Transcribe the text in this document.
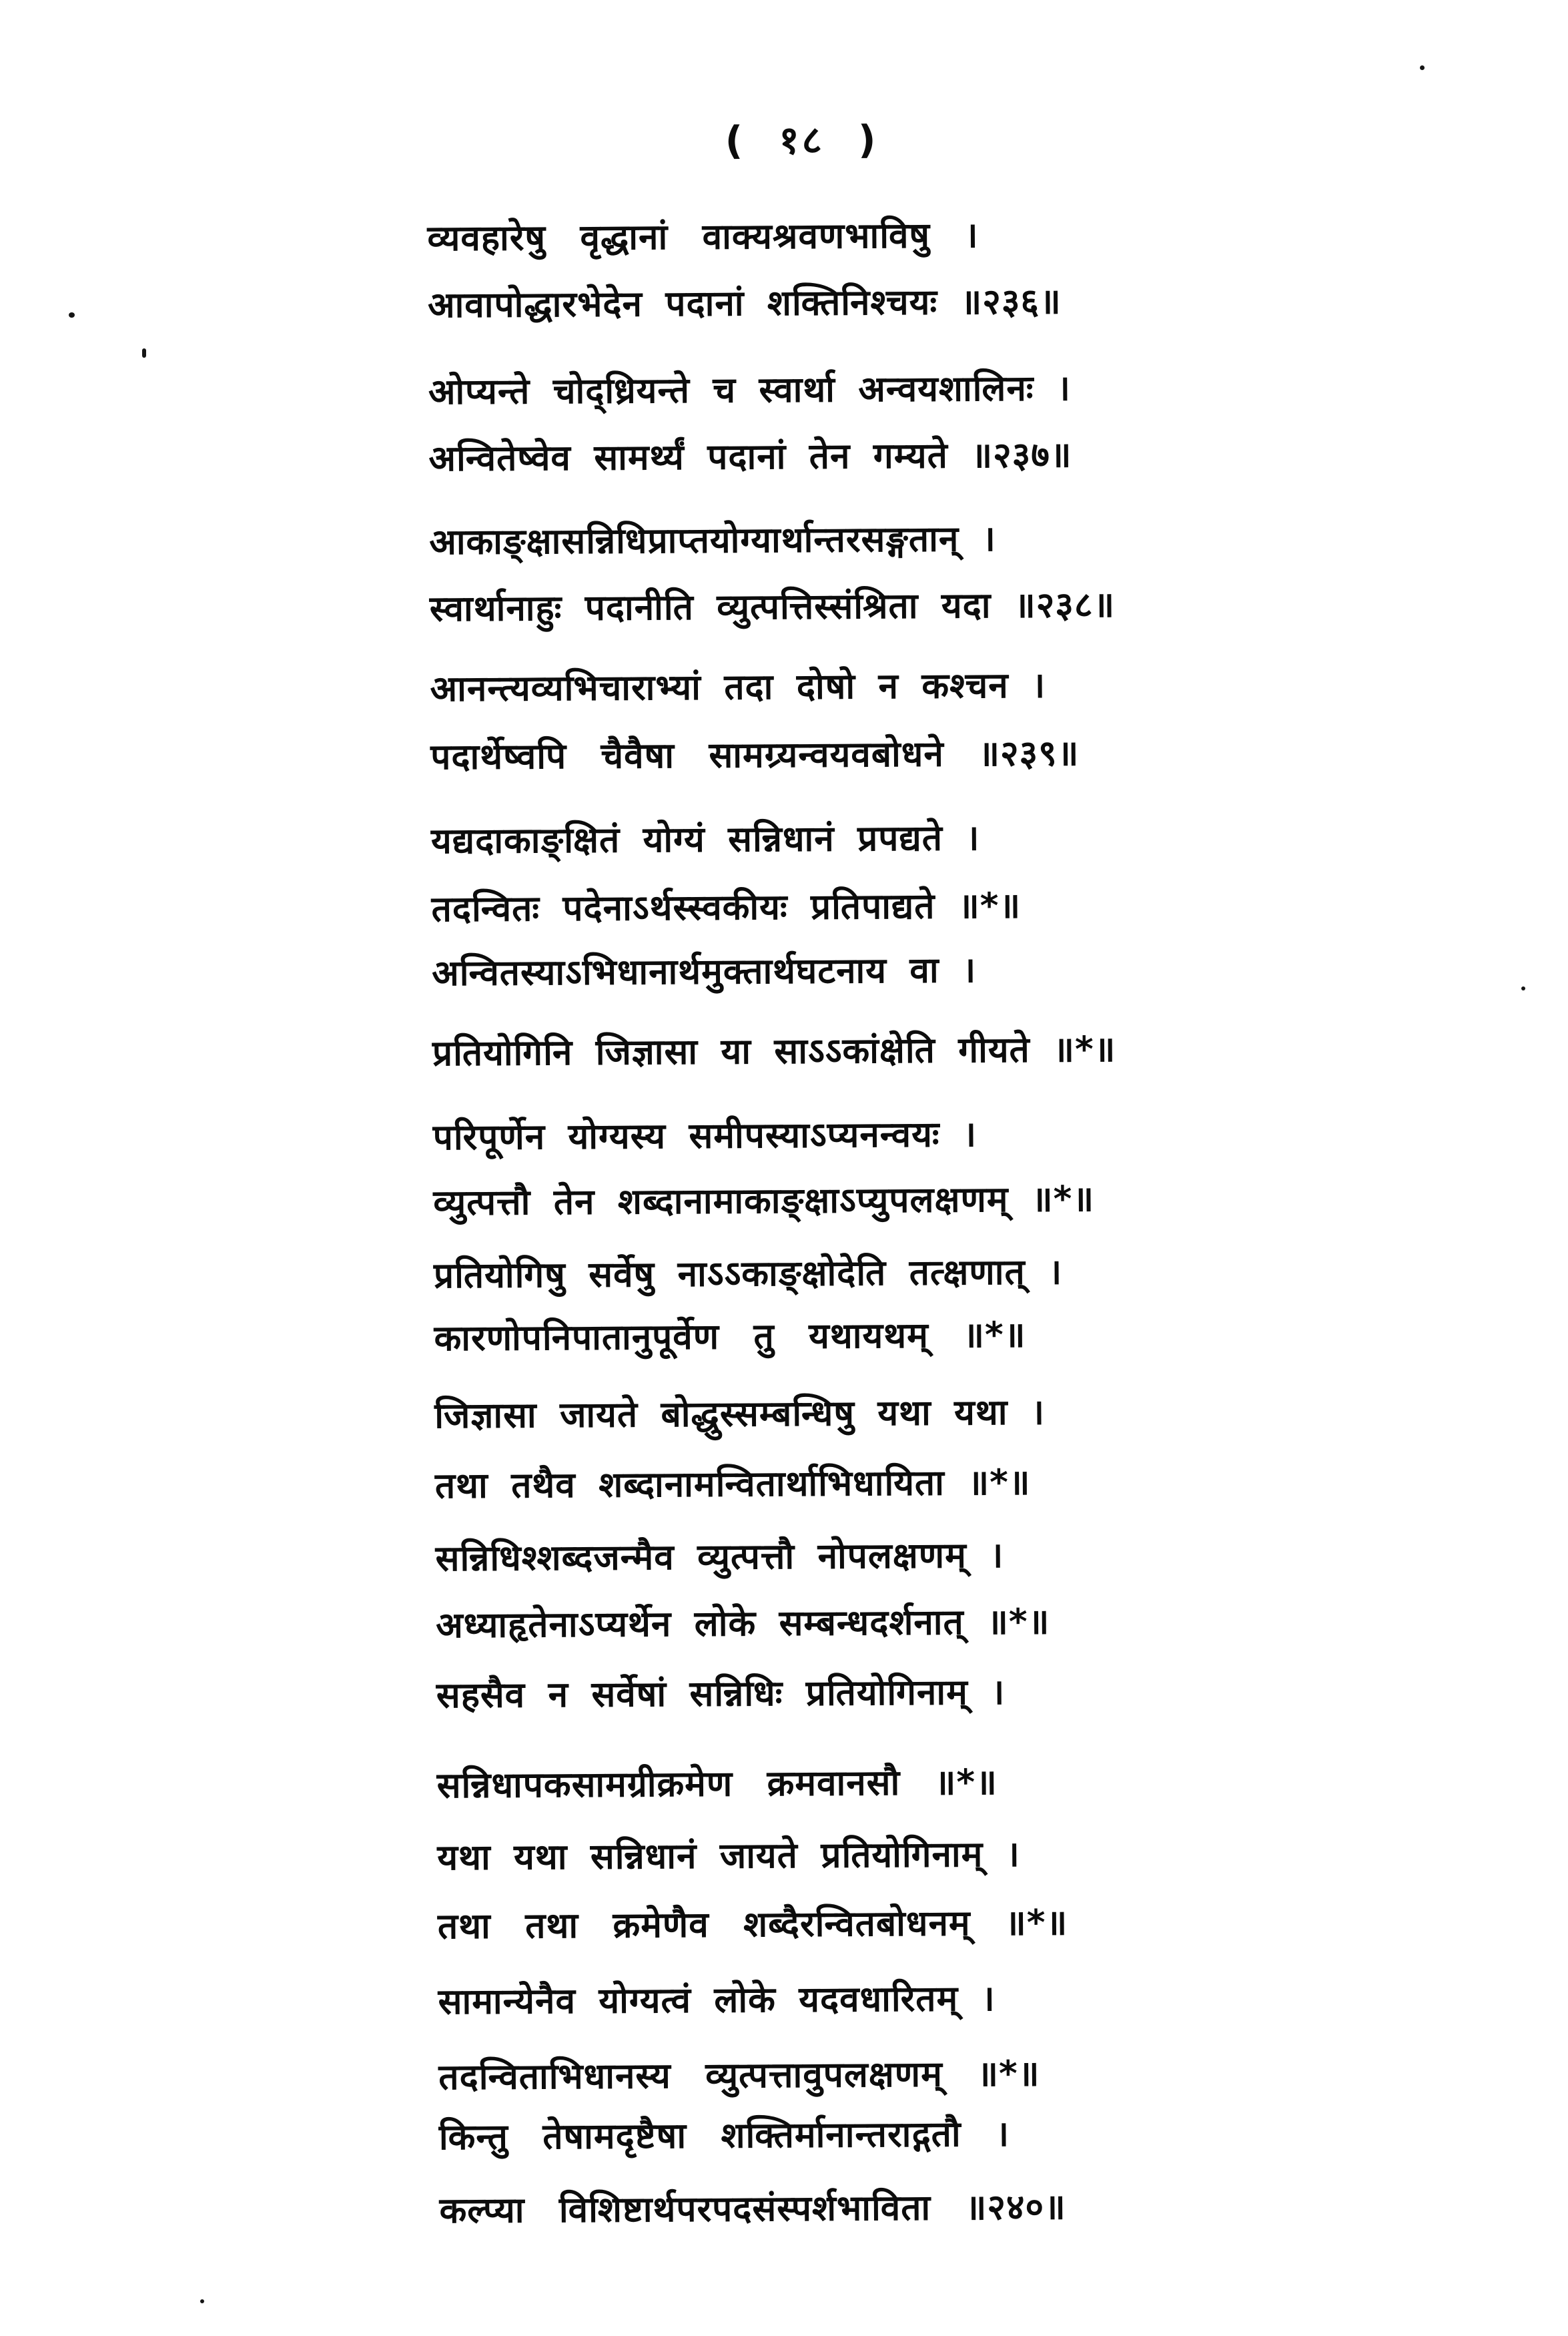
( १८ )

व्यवहारेषु वृद्धानां वाक्यश्रवणभाविषु ।

आवापोद्धारभेदेन पदानां शक्तिनिश्चयः ॥२३६॥

ओप्यन्ते चोद्ध्रियन्ते च स्वार्था अन्वयशालिनः ।

अन्वितेष्वेव सामर्थ्यं पदानां तेन गम्यते ॥२३७॥

आकाङ्क्षासन्निधिप्राप्तयोग्यार्थान्तरसङ्गतान् ।

स्वार्थानाहुः पदानीति व्युत्पत्तिस्संश्रिता यदा ॥२३८॥

आनन्त्यव्यभिचाराभ्यां तदा दोषो न कश्चन ।

पदार्थेष्वपि चैवैषा सामग्र्यन्वयवबोधने ॥२३९॥

यद्यदाकाङ्क्षितं योग्यं सन्निधानं प्रपद्यते ।

तदन्वितः पदेनाऽर्थस्स्वकीयः प्रतिपाद्यते ॥*॥

अन्वितस्याऽभिधानार्थमुक्तार्थघटनाय वा ।

प्रतियोगिनि जिज्ञासा या साऽऽकांक्षेति गीयते ॥*॥

परिपूर्णेन योग्यस्य समीपस्याऽप्यनन्वयः ।

व्युत्पत्तौ तेन शब्दानामाकाङ्क्षाऽप्युपलक्षणम् ॥*॥

प्रतियोगिषु सर्वेषु नाऽऽकाङ्क्षोदेति तत्क्षणात् ।

कारणोपनिपातानुपूर्वेण तु यथायथम् ॥*॥

जिज्ञासा जायते बोद्धुस्सम्बन्धिषु यथा यथा ।

तथा तथैव शब्दानामन्वितार्थाभिधायिता ॥*॥

सन्निधिश्शब्दजन्मैव व्युत्पत्तौ नोपलक्षणम् ।

अध्याहृतेनाऽप्यर्थेन लोके सम्बन्धदर्शनात् ॥*॥

सहसैव न सर्वेषां सन्निधिः प्रतियोगिनाम् ।

सन्निधापकसामग्रीक्रमेण क्रमवानसौ ॥*॥

यथा यथा सन्निधानं जायते प्रतियोगिनाम् ।

तथा तथा क्रमेणैव शब्दैरन्वितबोधनम् ॥*॥

सामान्येनैव योग्यत्वं लोके यदवधारितम् ।

तदन्विताभिधानस्य व्युत्पत्तावुपलक्षणम् ॥*॥

किन्तु तेषामदृष्टैषा शक्तिर्मानान्तराद्गतौ ।

कल्प्या विशिष्टार्थपरपदसंस्पर्शभाविता ॥२४०॥
